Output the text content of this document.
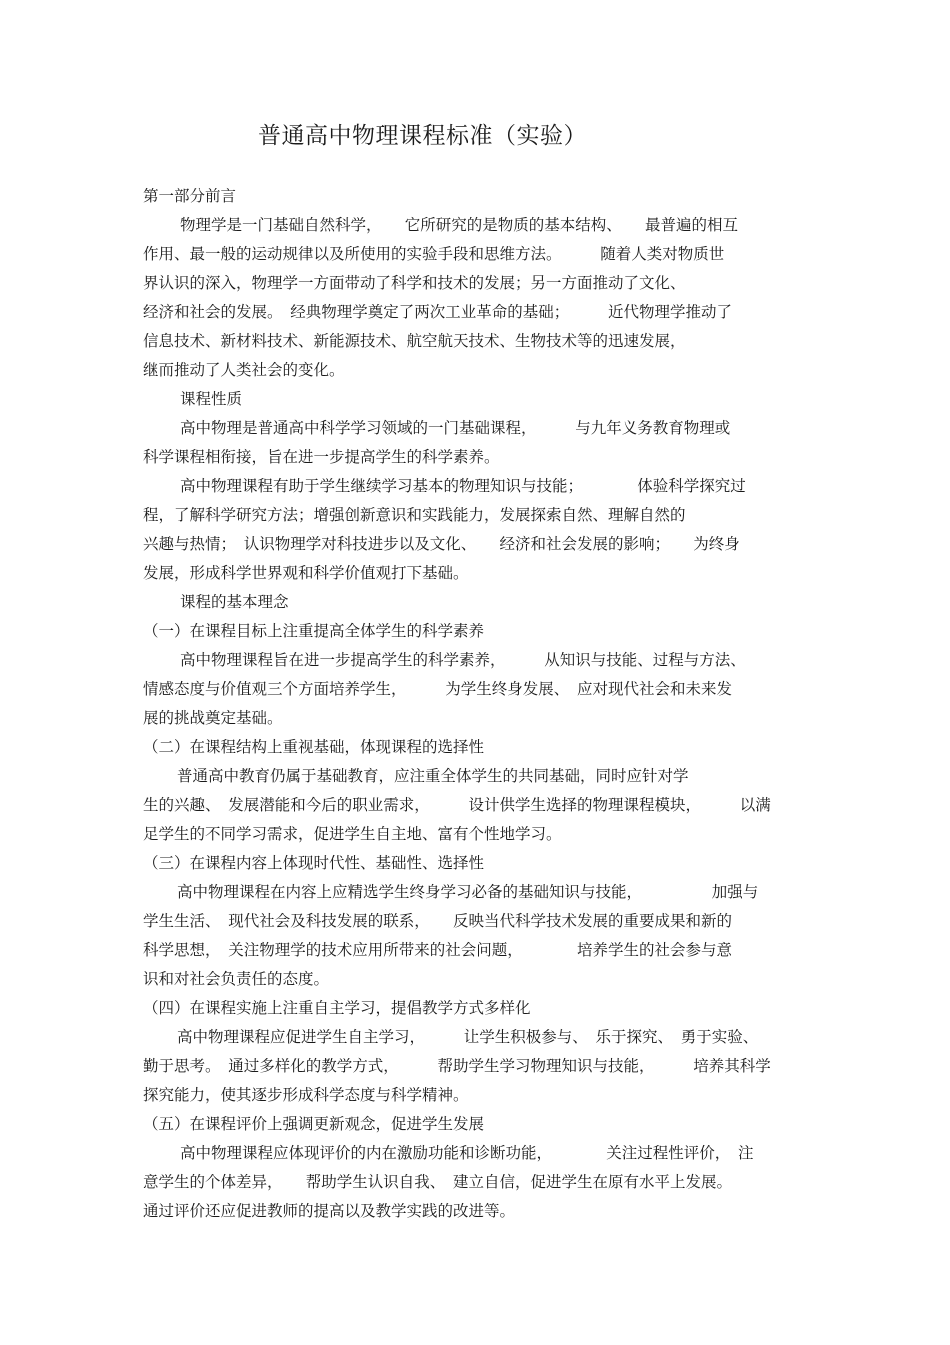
普通高中物理课程标准（实验）
第一部分前言
物理学是一门基础自然科学，　　它所研究的是物质的基本结构、　　最普遍的相互
作用、最一般的运动规律以及所使用的实验手段和思维方法。　　　随着人类对物质世
界认识的深入，物理学一方面带动了科学和技术的发展；另一方面推动了文化、
经济和社会的发展。　经典物理学奠定了两次工业革命的基础；　　　近代物理学推动了
信息技术、新材料技术、新能源技术、航空航天技术、生物技术等的迅速发展，
继而推动了人类社会的变化。
课程性质
高中物理是普通高中科学学习领域的一门基础课程，　　　与九年义务教育物理或
科学课程相衔接，旨在进一步提高学生的科学素养。
高中物理课程有助于学生继续学习基本的物理知识与技能；　　　　体验科学探究过
程，了解科学研究方法；增强创新意识和实践能力，发展探索自然、理解自然的
兴趣与热情；　认识物理学对科技进步以及文化、　　经济和社会发展的影响；　　为终身
发展，形成科学世界观和科学价值观打下基础。
课程的基本理念
（一）在课程目标上注重提高全体学生的科学素养
高中物理课程旨在进一步提高学生的科学素养，　　　从知识与技能、过程与方法、
情感态度与价值观三个方面培养学生，　　　为学生终身发展、　应对现代社会和未来发
展的挑战奠定基础。
（二）在课程结构上重视基础，体现课程的选择性
普通高中教育仍属于基础教育，应注重全体学生的共同基础，同时应针对学
生的兴趣、　发展潜能和今后的职业需求，　　　设计供学生选择的物理课程模块，　　　以满
足学生的不同学习需求，促进学生自主地、富有个性地学习。
（三）在课程内容上体现时代性、基础性、选择性
高中物理课程在内容上应精选学生终身学习必备的基础知识与技能，　　　　　加强与
学生生活、　现代社会及科技发展的联系，　　反映当代科学技术发展的重要成果和新的
科学思想，　关注物理学的技术应用所带来的社会问题，　　　　培养学生的社会参与意
识和对社会负责任的态度。
（四）在课程实施上注重自主学习，提倡教学方式多样化
高中物理课程应促进学生自主学习，　　　让学生积极参与、　乐于探究、　勇于实验、
勤于思考。　通过多样化的教学方式，　　　帮助学生学习物理知识与技能，　　　培养其科学
探究能力，使其逐步形成科学态度与科学精神。
（五）在课程评价上强调更新观念，促进学生发展
高中物理课程应体现评价的内在激励功能和诊断功能，　　　　关注过程性评价，　注
意学生的个体差异，　　帮助学生认识自我、　建立自信，促进学生在原有水平上发展。
通过评价还应促进教师的提高以及教学实践的改进等。
